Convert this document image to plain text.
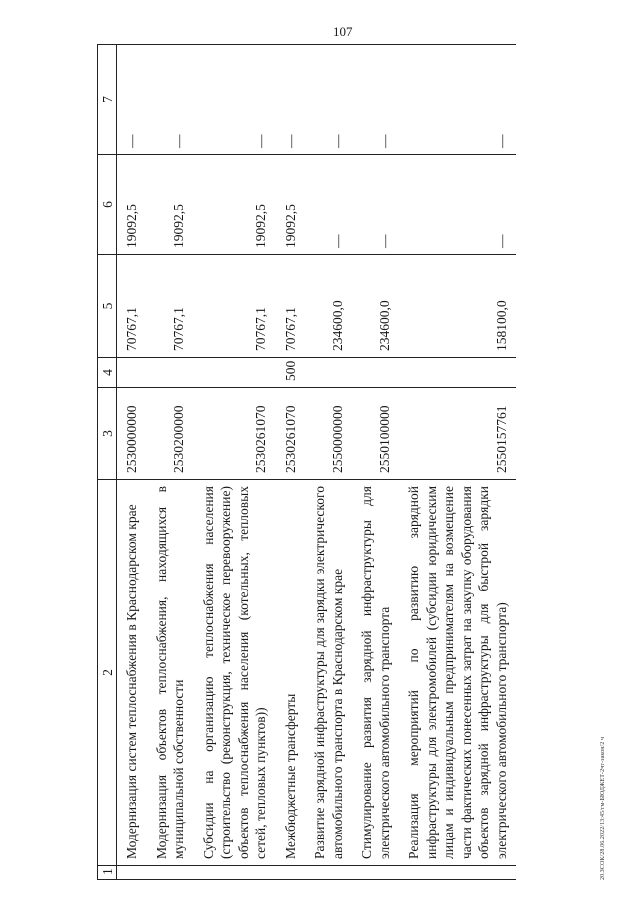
107
20.ЗСОК/28.06.2022/13:45/гм-БЮДЖЕТ-2чт-закон/2 ч
1	2	3	4	5	6	7
	Модернизация систем теплоснабжения в Краснодарском крае	2530000000		70767,1	19092,5	—
	Модернизация объектов теплоснабжения, находящихся в муниципальной собственности	2530200000		70767,1	19092,5	—
	Субсидии на организацию теплоснабжения населения (строительство (реконструкция, техническое перевооружение) объектов теплоснабжения населения (котельных, тепловых сетей, тепловых пунктов))	2530261070		70767,1	19092,5	—
	Межбюджетные трансферты	2530261070	500	70767,1	19092,5	—
	Развитие зарядной инфраструктуры для зарядки электрического автомобильного транспорта в Краснодарском крае	2550000000		234600,0	—	—
	Стимулирование развития зарядной инфраструктуры для электрического автомобильного транспорта	2550100000		234600,0	—	—
	Реализация мероприятий по развитию зарядной инфраструктуры для электромобилей (субсидии юридическим лицам и индивидуальным предпринимателям на возмещение части фактических понесенных затрат на закупку оборудования объектов зарядной инфраструктуры для быстрой зарядки электрического автомобильного транспорта)	2550157761		158100,0	—	—
